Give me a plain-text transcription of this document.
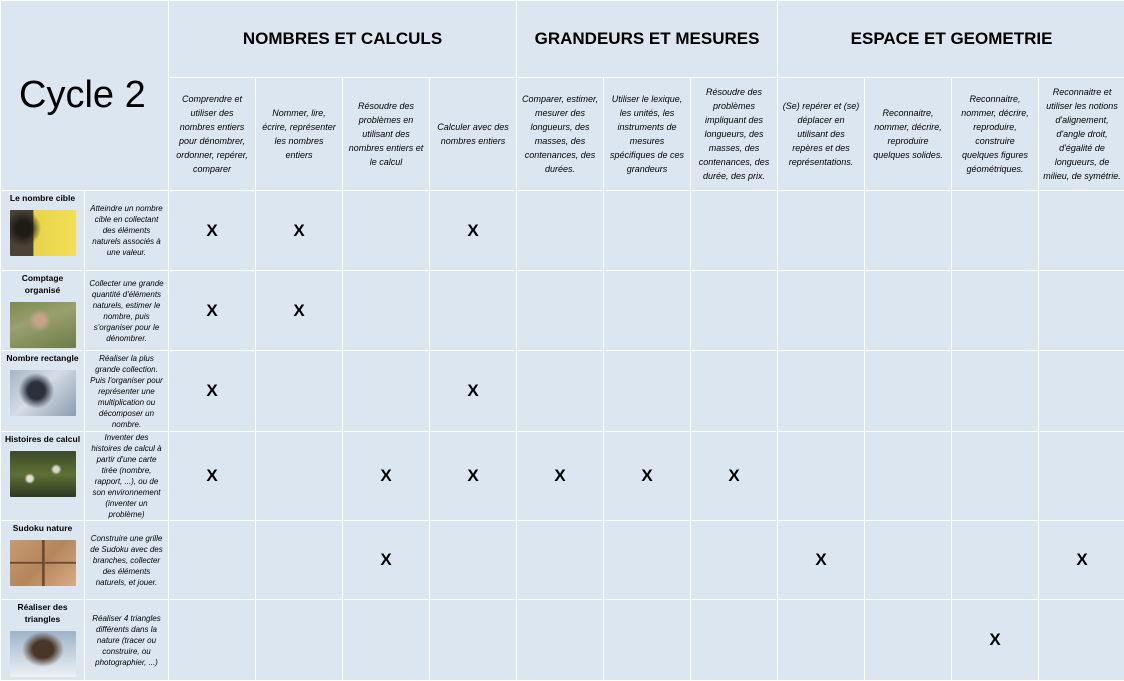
Cycle 2		NOMBRES ET CALCULS				GRANDEURS ET MESURES			ESPACE ET GEOMETRIE			
		Comprendre et utiliser des nombres entiers pour dénombrer, ordonner, repérer, comparer	Nommer, lire, écrire, représenter les nombres entiers	Résoudre des problèmes en utilisant des nombres entiers et le calcul	Calculer avec des nombres entiers	Comparer, estimer, mesurer des longueurs, des masses, des contenances, des durées.	Utiliser le lexique, les unités, les instruments de mesures spécifiques de ces grandeurs	Résoudre des problèmes impliquant des longueurs, des masses, des contenances, des durée, des prix.	(Se) repérer et (se) déplacer en utilisant des repères et des représentations.	Reconnaitre, nommer, décrire, reproduire quelques solides.	Reconnaitre, nommer, décrire, reproduire, construire quelques figures géométriques.	Reconnaitre et utiliser les notions d'alignement, d'angle droit, d'égalité de longueurs, de milieu, de symétrie.

Le nombre cible	Atteindre un nombre cible en collectant des éléments naturels associés à une valeur.	X	X		X							

Comptage organisé	Collecter une grande quantité d'éléments naturels, estimer le nombre, puis s'organiser pour le dénombrer.	X	X									

Nombre rectangle	Réaliser la plus grande collection. Puis l'organiser pour représenter une multiplication ou décomposer un nombre.	X			X							

Histoires de calcul	Inventer des histoires de calcul à partir d'une carte tirée (nombre, rapport, ...), ou de son environnement (inventer un problème)	X		X	X	X	X	X				

Sudoku nature	Construire une grille de Sudoku avec des branches, collecter des éléments naturels, et jouer.			X					X			X

Réaliser des triangles	Réaliser 4 triangles différents dans la nature (tracer ou construire, ou photographier, ...)										X	
